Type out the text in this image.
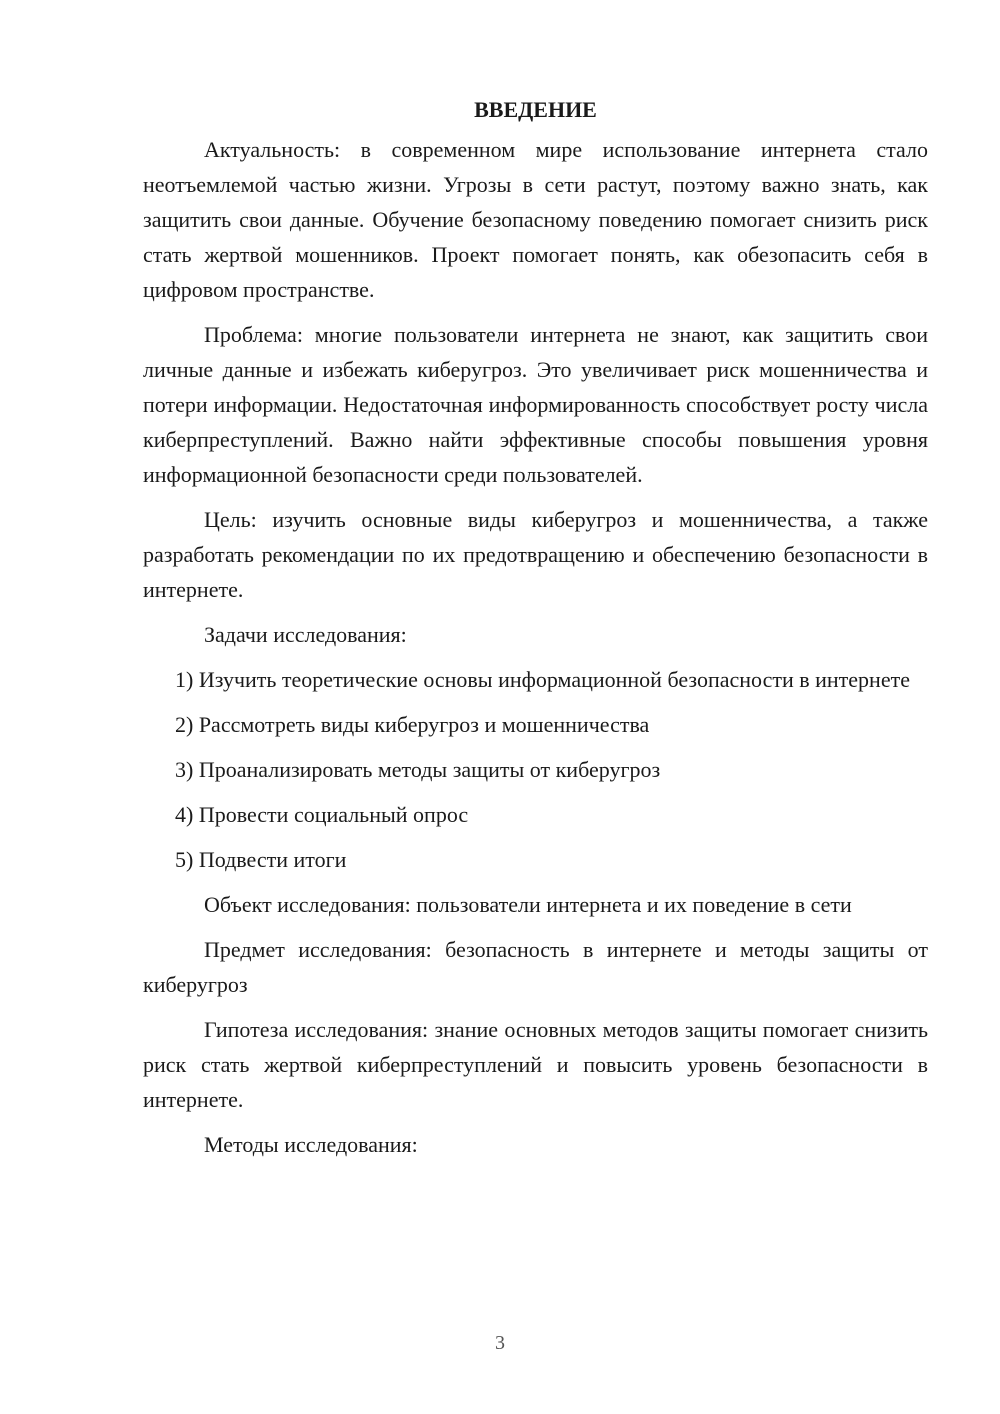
ВВЕДЕНИЕ

Актуальность: в современном мире использование интернета стало неотъемлемой частью жизни. Угрозы в сети растут, поэтому важно знать, как защитить свои данные. Обучение безопасному поведению помогает снизить риск стать жертвой мошенников. Проект помогает понять, как обезопасить себя в цифровом пространстве.

Проблема: многие пользователи интернета не знают, как защитить свои личные данные и избежать киберугроз. Это увеличивает риск мошенничества и потери информации. Недостаточная информированность способствует росту числа киберпреступлений. Важно найти эффективные способы повышения уровня информационной безопасности среди пользователей.

Цель: изучить основные виды киберугроз и мошенничества, а также разработать рекомендации по их предотвращению и обеспечению безопасности в интернете.

Задачи исследования:

1) Изучить теоретические основы информационной безопасности в интернете

2) Рассмотреть виды киберугроз и мошенничества

3) Проанализировать методы защиты от киберугроз

4) Провести социальный опрос

5) Подвести итоги

Объект исследования: пользователи интернета и их поведение в сети

Предмет исследования: безопасность в интернете и методы защиты от киберугроз

Гипотеза исследования: знание основных методов защиты помогает снизить риск стать жертвой киберпреступлений и повысить уровень безопасности в интернете.

Методы исследования:

3
